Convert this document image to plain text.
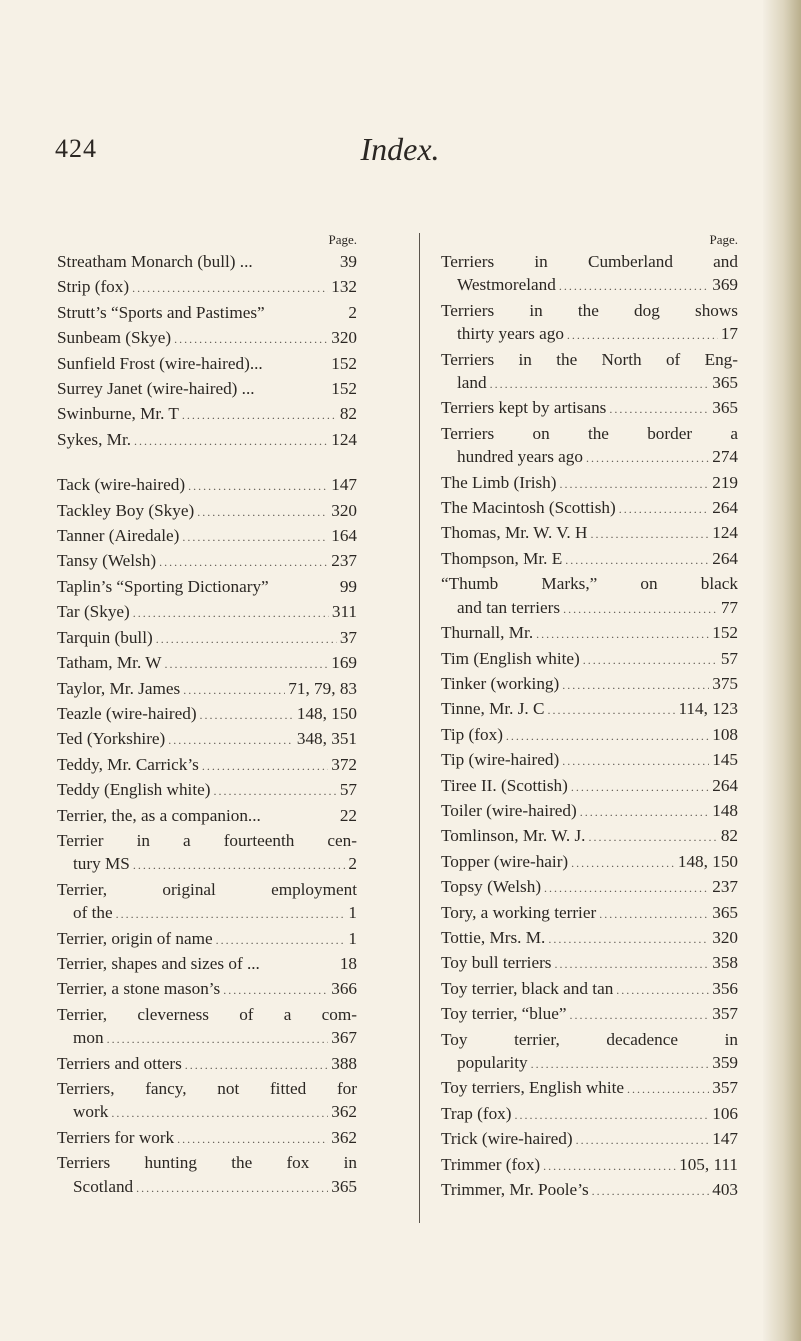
424	Index.
Page.
Streatham Monarch (bull) ...	39
Strip (fox) .....	132
Strutt’s “Sports and Pastimes”	2
Sunbeam (Skye) .....	320
Sunfield Frost (wire-haired)...	152
Surrey Janet (wire-haired) ...	152
Swinburne, Mr. T .....	82
Sykes, Mr. .....	124
Tack (wire-haired) .....	147
Tackley Boy (Skye) .....	320
Tanner (Airedale) .....	164
Tansy (Welsh) .....	237
Taplin’s “Sporting Dictionary”	99
Tar (Skye) .....	311
Tarquin (bull) .....	37
Tatham, Mr. W .....	169
Taylor, Mr. James .....	71, 79, 83
Teazle (wire-haired) .....	148, 150
Ted (Yorkshire) .....	348, 351
Teddy, Mr. Carrick’s .....	372
Teddy (English white) .....	57
Terrier, the, as a companion...	22
Terrier in a fourteenth cen-
tury MS .....	2
Terrier, original employment
of the .....	1
Terrier, origin of name .....	1
Terrier, shapes and sizes of ...	18
Terrier, a stone mason’s .....	366
Terrier, cleverness of a com-
mon .....	367
Terriers and otters .....	388
Terriers, fancy, not fitted for
work .....	362
Terriers for work .....	362
Terriers hunting the fox in
Scotland .....	365
Page.
Terriers in Cumberland and
Westmoreland .....	369
Terriers in the dog shows
thirty years ago .....	17
Terriers in the North of Eng-
land .....	365
Terriers kept by artisans .....	365
Terriers on the border a
hundred years ago .....	274
The Limb (Irish) .....	219
The Macintosh (Scottish) .....	264
Thomas, Mr. W. V. H .....	124
Thompson, Mr. E .....	264
“Thumb Marks,” on black
and tan terriers .....	77
Thurnall, Mr. .....	152
Tim (English white) .....	57
Tinker (working) .....	375
Tinne, Mr. J. C .....	114, 123
Tip (fox) .....	108
Tip (wire-haired) .....	145
Tiree II. (Scottish) .....	264
Toiler (wire-haired) .....	148
Tomlinson, Mr. W. J. .....	82
Topper (wire-hair) .....	148, 150
Topsy (Welsh) .....	237
Tory, a working terrier .....	365
Tottie, Mrs. M. .....	320
Toy bull terriers .....	358
Toy terrier, black and tan .....	356
Toy terrier, “blue” .....	357
Toy terrier, decadence in
popularity .....	359
Toy terriers, English white .....	357
Trap (fox) .....	106
Trick (wire-haired) .....	147
Trimmer (fox) .....	105, 111
Trimmer, Mr. Poole’s .....	403
